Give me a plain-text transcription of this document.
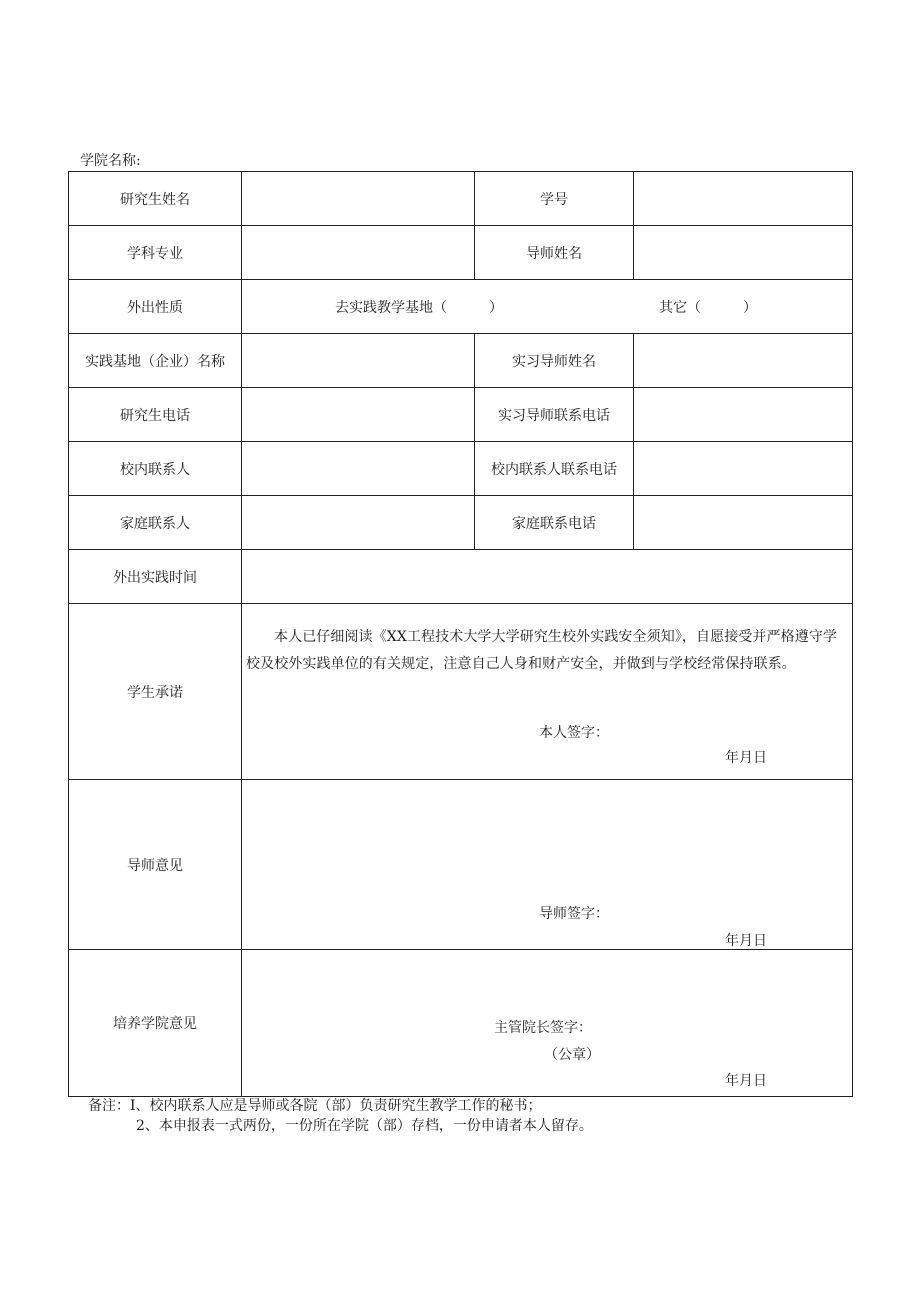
学院名称:
研究生姓名		学号	
学科专业		导师姓名	
外出性质	去实践教学基地（　　　） 其它（　　　）		

实践基地（企业）名称		实习导师姓名	
研究生电话		实习导师联系电话	
校内联系人		校内联系人联系电话	
家庭联系人		家庭联系电话	
外出实践时间			
学生承诺	本人已仔细阅读《XX工程技术大学大学研究生校外实践安全须知》，自愿接受并严格遵守学校及校外实践单位的有关规定，注意自己人身和财产安全，并做到与学校经常保持联系。
本人签字：
年月日		

导师意见	导师签字：
年月日		

培养学院意见	主管院长签字：
（公章）
年月日		
备注：I、校内联系人应是导师或各院（部）负责研究生教学工作的秘书；
2、本申报表一式两份，一份所在学院（部）存档，一份申请者本人留存。
